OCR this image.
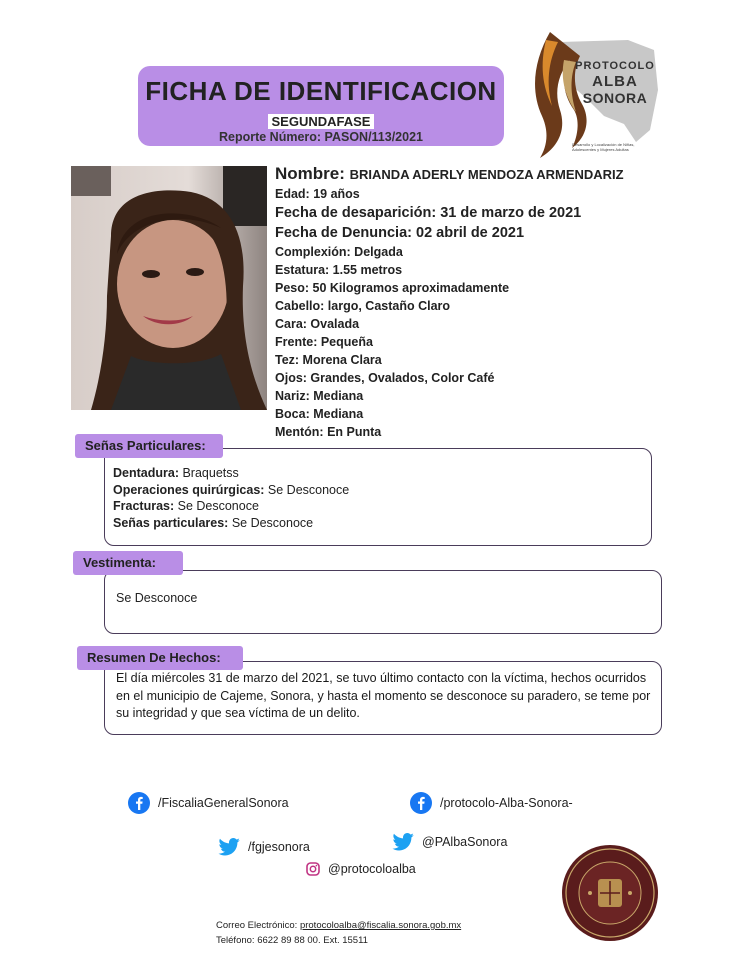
FICHA DE IDENTIFICACION
SEGUNDAFASE
Reporte Número: PASON/113/2021
PROTOCOLO
ALBA
SONORA
Desarrollo y Localización de Niñas, Adolescentes y Mujeres Adultas
Nombre: BRIANDA ADERLY MENDOZA ARMENDARIZ
Edad: 19 años
Fecha de desaparición: 31 de marzo de 2021
Fecha de Denuncia: 02 abril de 2021
Complexión: Delgada
Estatura: 1.55 metros
Peso: 50 Kilogramos aproximadamente
Cabello: largo, Castaño Claro
Cara: Ovalada
Frente: Pequeña
Tez: Morena Clara
Ojos: Grandes, Ovalados, Color Café
Nariz: Mediana
Boca: Mediana
Mentón: En Punta
Señas Particulares:
Dentadura: Braquetss
Operaciones quirúrgicas: Se Desconoce
Fracturas: Se Desconoce
Señas particulares: Se Desconoce
Vestimenta:
Se Desconoce
Resumen De Hechos:
El día miércoles 31 de marzo del 2021, se tuvo último contacto con la víctima, hechos ocurridos en el municipio de Cajeme, Sonora, y hasta el momento se desconoce su paradero, se teme por su integridad y que sea víctima de un delito.
/FiscaliaGeneralSonora	/protocolo-Alba-Sonora-
/fgjesonora	@PAlbaSonora
@protocoloalba
Correo Electrónico: protocoloalba@fiscalia.sonora.gob.mx
Teléfono: 6622 89 88 00. Ext. 15511
